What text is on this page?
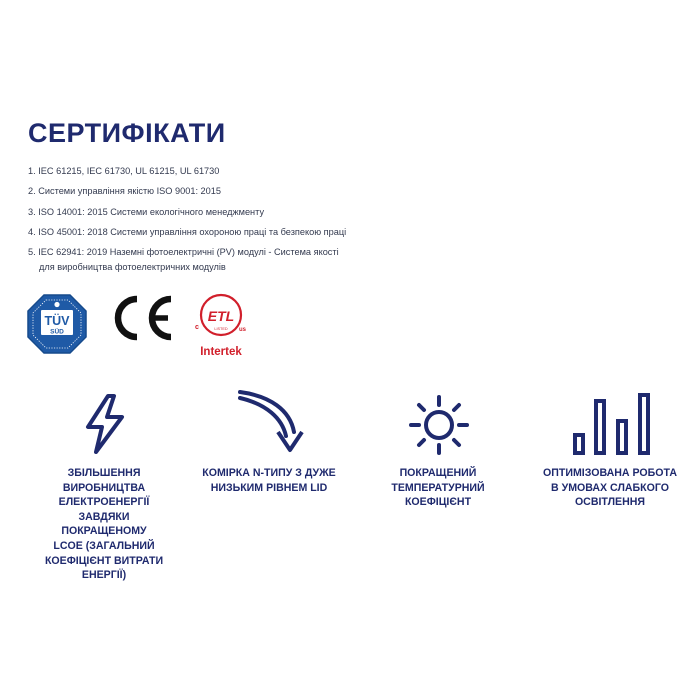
СЕРТИФІКАТИ
1. IEC 61215, IEC 61730, UL 61215, UL 61730
2. Системи управління якістю ISO 9001: 2015
3. ISO 14001: 2015 Системи екологічного менеджменту
4. ISO 45001: 2018 Системи управління охороною праці та безпекою праці
5. IEC 62941: 2019 Наземні фотоелектричні (PV) модулі - Система якості
для виробництва фотоелектричних модулів
TÜV
SÜD
ETL
LISTED
c	us
Intertek
ЗБІЛЬШЕННЯ
ВИРОБНИЦТВА
ЕЛЕКТРОЕНЕРГІЇ
ЗАВДЯКИ ПОКРАЩЕНОМУ
LCOE (ЗАГАЛЬНИЙ
КОЕФІЦІЄНТ ВИТРАТИ
ЕНЕРГІЇ)
КОМІРКА N-ТИПУ З ДУЖЕ
НИЗЬКИМ РІВНЕМ LID
ПОКРАЩЕНИЙ
ТЕМПЕРАТУРНИЙ
КОЕФІЦІЄНТ
ОПТИМІЗОВАНА РОБОТА
В УМОВАХ СЛАБКОГО
ОСВІТЛЕННЯ
